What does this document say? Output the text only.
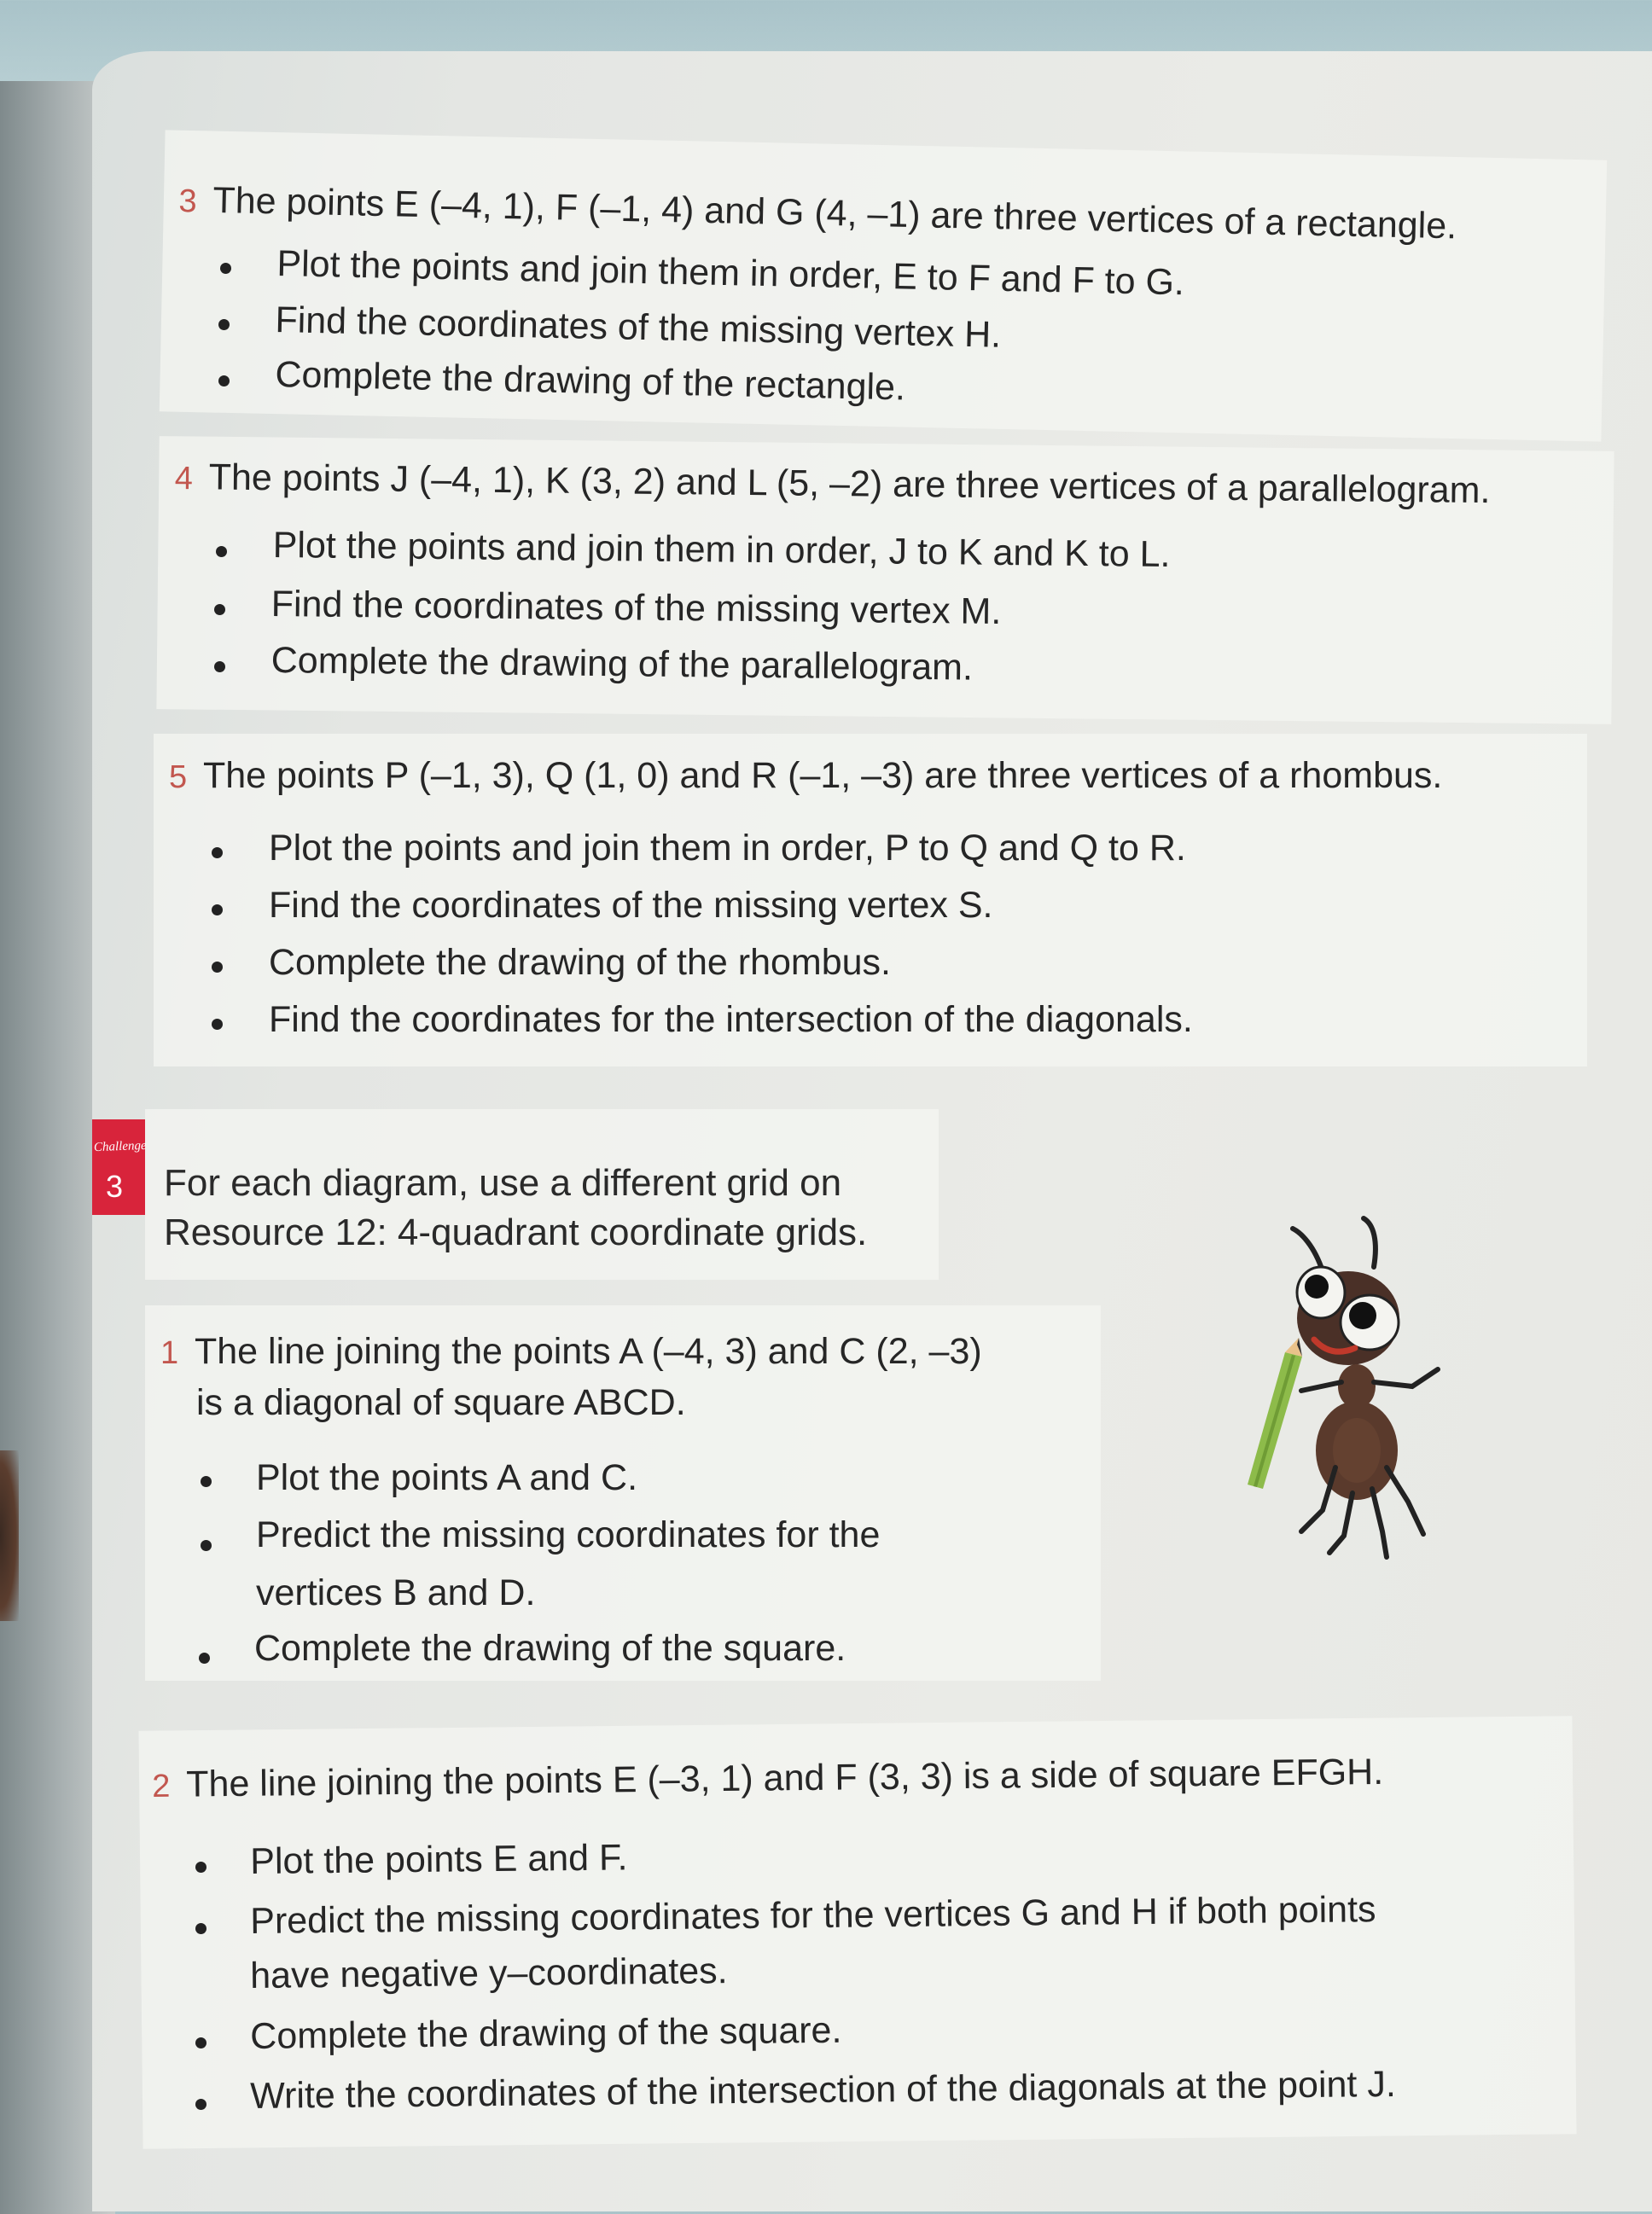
3 The points E (–4, 1), F (–1, 4) and G (4, –1) are three vertices of a rectangle.
Plot the points and join them in order, E to F and F to G.
Find the coordinates of the missing vertex H.
Complete the drawing of the rectangle.
4 The points J (–4, 1), K (3, 2) and L (5, –2) are three vertices of a parallelogram.
Plot the points and join them in order, J to K and K to L.
Find the coordinates of the missing vertex M.
Complete the drawing of the parallelogram.
5 The points P (–1, 3), Q (1, 0) and R (–1, –3) are three vertices of a rhombus.
Plot the points and join them in order, P to Q and Q to R.
Find the coordinates of the missing vertex S.
Complete the drawing of the rhombus.
Find the coordinates for the intersection of the diagonals.
Challenge
3 For each diagram, use a different grid on
Resource 12: 4-quadrant coordinate grids.
1 The line joining the points A (–4, 3) and C (2, –3)
is a diagonal of square ABCD.
Plot the points A and C.
Predict the missing coordinates for the
vertices B and D.
Complete the drawing of the square.
2 The line joining the points E (–3, 1) and F (3, 3) is a side of square EFGH.
Plot the points E and F.
Predict the missing coordinates for the vertices G and H if both points
have negative y–coordinates.
Complete the drawing of the square.
Write the coordinates of the intersection of the diagonals at the point J.
